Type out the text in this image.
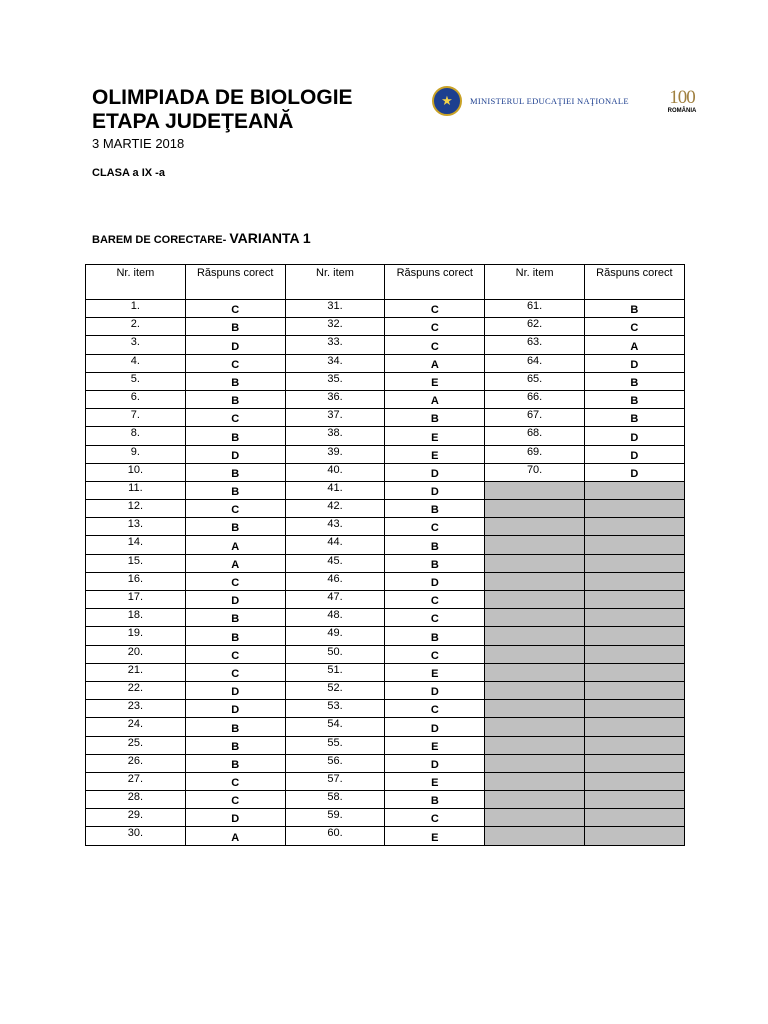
OLIMPIADA DE BIOLOGIE
ETAPA JUDEŢEANĂ
3 MARTIE 2018
CLASA a IX -a
★	MINISTERUL EDUCAŢIEI NAŢIONALE	100
ROMÂNIA
BAREM DE CORECTARE- VARIANTA 1
Nr. item	Răspuns corect	Nr. item	Răspuns corect	Nr. item	Răspuns corect
1.	C	31.	C	61.	B
2.	B	32.	C	62.	C
3.	D	33.	C	63.	A
4.	C	34.	A	64.	D
5.	B	35.	E	65.	B
6.	B	36.	A	66.	B
7.	C	37.	B	67.	B
8.	B	38.	E	68.	D
9.	D	39.	E	69.	D
10.	B	40.	D	70.	D
11.	B	41.	D		
12.	C	42.	B		
13.	B	43.	C		
14.	A	44.	B		
15.	A	45.	B		
16.	C	46.	D		
17.	D	47.	C		
18.	B	48.	C		
19.	B	49.	B		
20.	C	50.	C		
21.	C	51.	E		
22.	D	52.	D		
23.	D	53.	C		
24.	B	54.	D		
25.	B	55.	E		
26.	B	56.	D		
27.	C	57.	E		
28.	C	58.	B		
29.	D	59.	C		
30.	A	60.	E		
